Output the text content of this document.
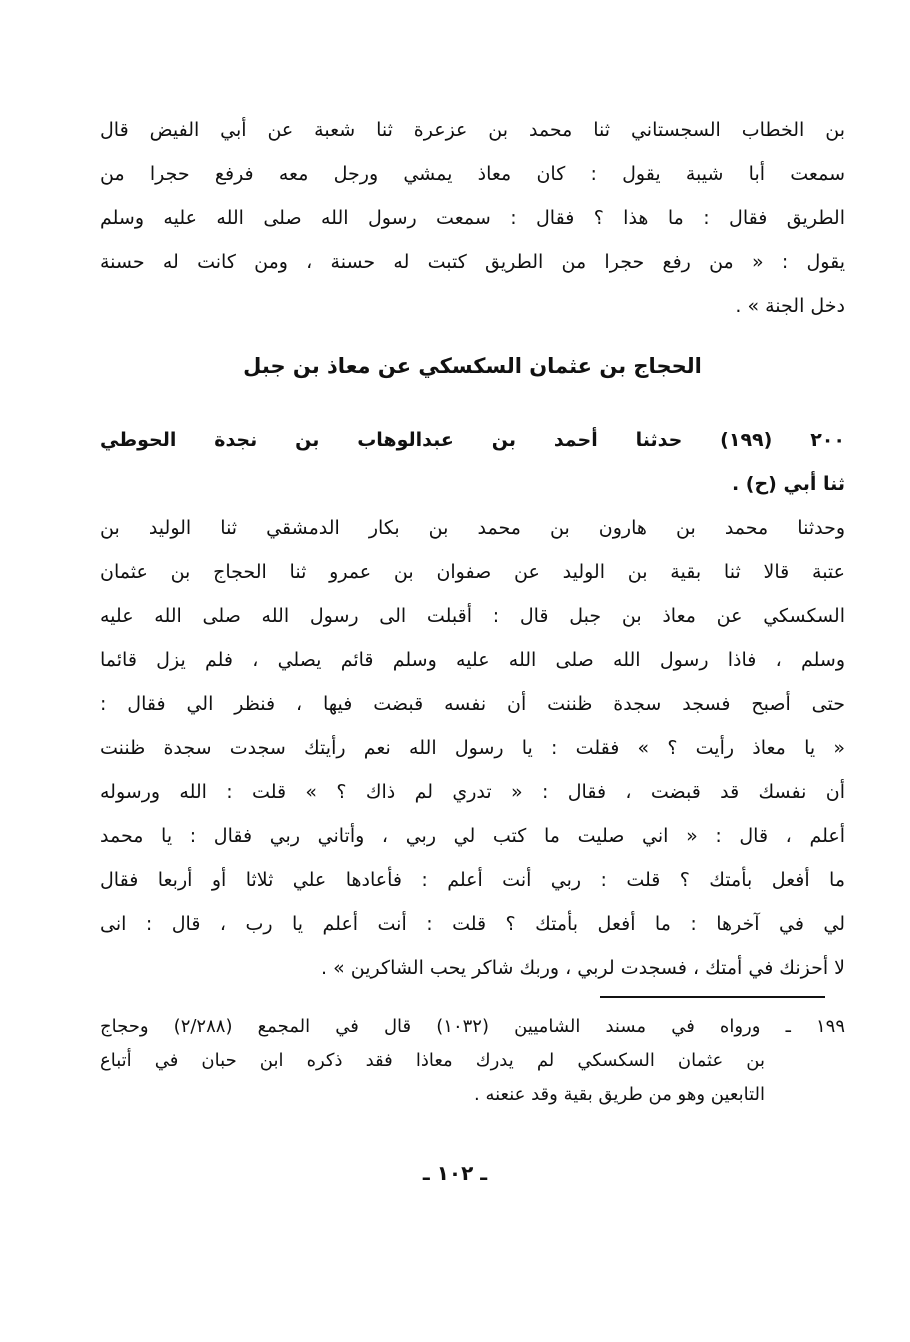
بن الخطاب السجستاني ثنا محمد بن عزعرة ثنا شعبة عن أبي الفيض قال
سمعت أبا شيبة يقول : كان معاذ يمشي ورجل معه فرفع حجرا من
الطريق فقال : ما هذا ؟ فقال : سمعت رسول الله صلى الله عليه وسلم
يقول : « من رفع حجرا من الطريق كتبت له حسنة ، ومن كانت له حسنة
دخل الجنة » .
الحجاج بن عثمان السكسكي عن معاذ بن جبل
٢٠٠ (١٩٩) حدثنا أحمد بن عبدالوهاب بن نجدة الحوطي
ثنا أبي (ح) .
وحدثنا محمد بن هارون بن محمد بن بكار الدمشقي ثنا الوليد بن
عتبة قالا ثنا بقية بن الوليد عن صفوان بن عمرو ثنا الحجاج بن عثمان
السكسكي عن معاذ بن جبل قال : أقبلت الى رسول الله صلى الله عليه
وسلم ، فاذا رسول الله صلى الله عليه وسلم قائم يصلي ، فلم يزل قائما
حتى أصبح فسجد سجدة ظننت أن نفسه قبضت فيها ، فنظر الي فقال :
« يا معاذ رأيت ؟ » فقلت : يا رسول الله نعم رأيتك سجدت سجدة ظننت
أن نفسك قد قبضت ، فقال : « تدري لم ذاك ؟ » قلت : الله ورسوله
أعلم ، قال : « اني صليت ما كتب لي ربي ، وأتاني ربي فقال : يا محمد
ما أفعل بأمتك ؟ قلت : ربي أنت أعلم : فأعادها علي ثلاثا أو أربعا فقال
لي في آخرها : ما أفعل بأمتك ؟ قلت : أنت أعلم يا رب ، قال : انى
لا أحزنك في أمتك ، فسجدت لربي ، وربك شاكر يحب الشاكرين » .
١٩٩ ـ ورواه في مسند الشاميين (١٠٣٢) قال في المجمع (٢/٢٨٨) وحجاج
بن عثمان السكسكي لم يدرك معاذا فقد ذكره ابن حبان في أتباع
التابعين وهو من طريق بقية وقد عنعنه .
ـ ١٠٢ ـ
